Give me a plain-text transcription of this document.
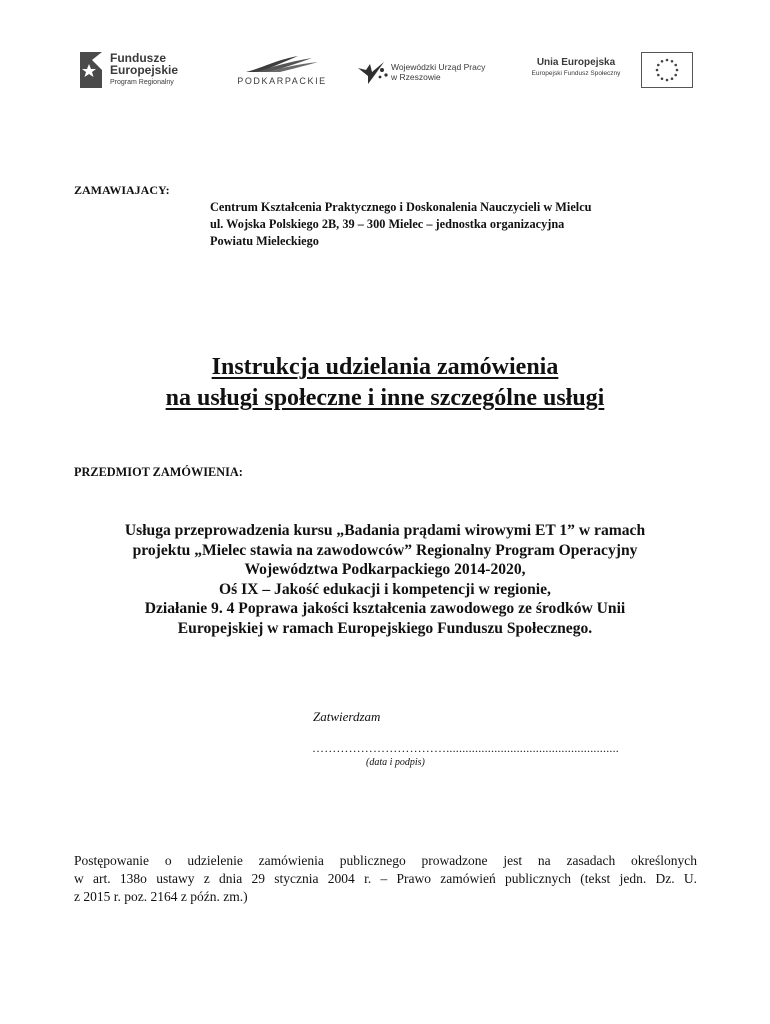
Fundusze
Europejskie
Program Regionalny	PODKARPACKIE
Wojewódzki Urząd Pracy
w Rzeszowie
Unia Europejska
Europejski Fundusz Społeczny
ZAMAWIAJACY:
Centrum Kształcenia Praktycznego i Doskonalenia Nauczycieli w Mielcu
ul. Wojska Polskiego 2B, 39 – 300 Mielec – jednostka organizacyjna
Powiatu Mieleckiego
Instrukcja udzielania zamówienia
na usługi społeczne i inne szczególne usługi
PRZEDMIOT ZAMÓWIENIA:
Usługa przeprowadzenia kursu „Badania prądami wirowymi ET 1” w ramach
projektu „Mielec stawia na zawodowców” Regionalny Program Operacyjny
Województwa Podkarpackiego 2014-2020,
Oś IX – Jakość edukacji i kompetencji w regionie,
Działanie 9. 4 Poprawa jakości kształcenia zawodowego ze środków Unii
Europejskiej w ramach Europejskiego Funduszu Społecznego.
Zatwierdzam
……………………………......................................................
(data i podpis)
Postępowanie o udzielenie zamówienia publicznego prowadzone jest na zasadach określonych
w art. 138o ustawy z dnia 29 stycznia 2004 r. – Prawo zamówień publicznych (tekst jedn. Dz. U.
z 2015 r. poz. 2164 z późn. zm.)
